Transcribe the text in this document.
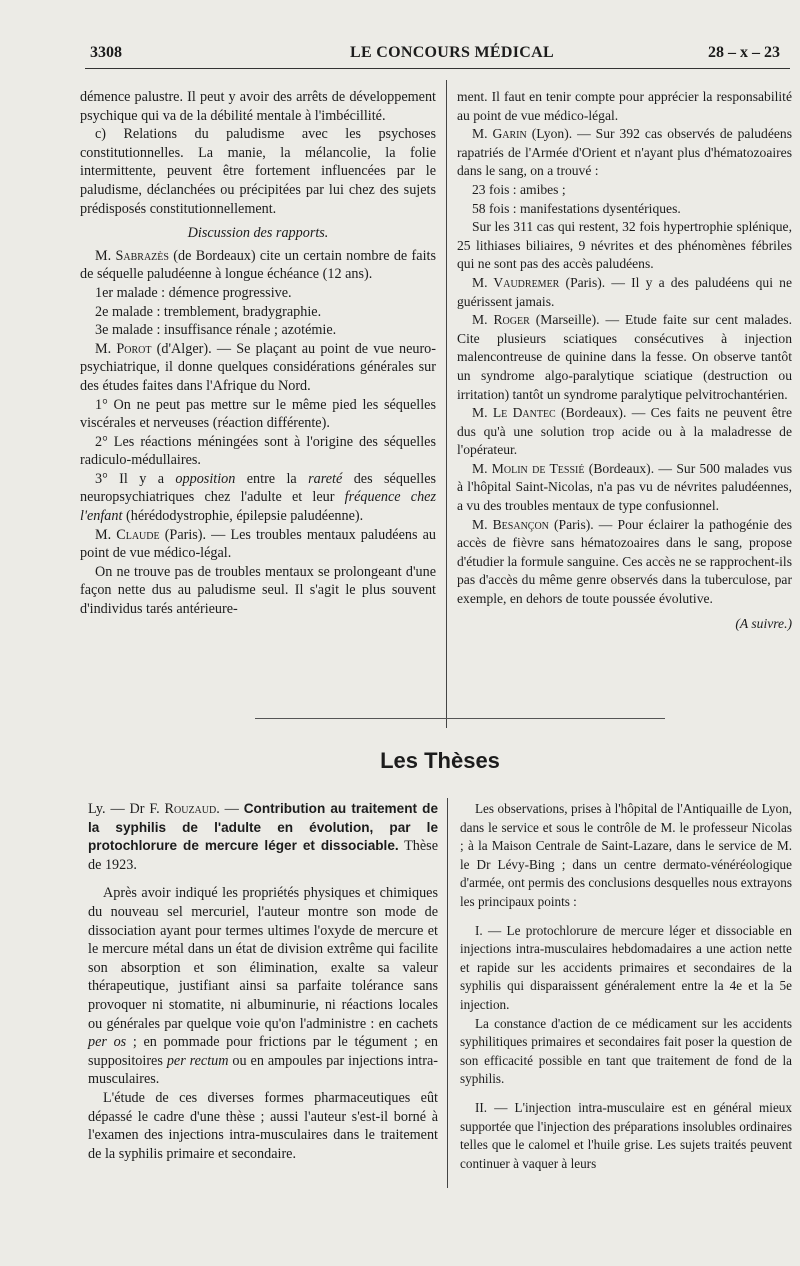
3308	LE CONCOURS MÉDICAL	28 – x – 23

démence palustre. Il peut y avoir des arrêts de développement psychique qui va de la débilité mentale à l'imbécillité.

c) Relations du paludisme avec les psychoses constitutionnelles. La manie, la mélancolie, la folie intermittente, peuvent être fortement influencées par le paludisme, déclanchées ou précipitées par lui chez des sujets prédisposés constitutionnellement.

Discussion des rapports.

M. Sabrazès (de Bordeaux) cite un certain nombre de faits de séquelle paludéenne à longue échéance (12 ans).

1er malade : démence progressive.

2e malade : tremblement, bradygraphie.

3e malade : insuffisance rénale ; azotémie.

M. Porot (d'Alger). — Se plaçant au point de vue neuro-psychiatrique, il donne quelques considérations générales sur des études faites dans l'Afrique du Nord.

1° On ne peut pas mettre sur le même pied les séquelles viscérales et nerveuses (réaction différente).

2° Les réactions méningées sont à l'origine des séquelles radiculo-médullaires.

3° Il y a opposition entre la rareté des séquelles neuropsychiatriques chez l'adulte et leur fréquence chez l'enfant (hérédodystrophie, épilepsie paludéenne).

M. Claude (Paris). — Les troubles mentaux paludéens au point de vue médico-légal.

On ne trouve pas de troubles mentaux se prolongeant d'une façon nette dus au paludisme seul. Il s'agit le plus souvent d'individus tarés antérieure-

ment. Il faut en tenir compte pour apprécier la responsabilité au point de vue médico-légal.

M. Garin (Lyon). — Sur 392 cas observés de paludéens rapatriés de l'Armée d'Orient et n'ayant plus d'hématozoaires dans le sang, on a trouvé :

23 fois : amibes ;

58 fois : manifestations dysentériques.

Sur les 311 cas qui restent, 32 fois hypertrophie splénique, 25 lithiases biliaires, 9 névrites et des phénomènes fébriles qui ne sont pas des accès paludéens.

M. Vaudremer (Paris). — Il y a des paludéens qui ne guérissent jamais.

M. Roger (Marseille). — Etude faite sur cent malades. Cite plusieurs sciatiques consécutives à injection malencontreuse de quinine dans la fesse. On observe tantôt un syndrome algo-paralytique sciatique (destruction ou irritation) tantôt un syndrome paralytique pelvitrochantérien.

M. Le Dantec (Bordeaux). — Ces faits ne peuvent être dus qu'à une solution trop acide ou à la maladresse de l'opérateur.

M. Molin de Tessié (Bordeaux). — Sur 500 malades vus à l'hôpital Saint-Nicolas, n'a pas vu de névrites paludéennes, a vu des troubles mentaux de type confusionnel.

M. Besançon (Paris). — Pour éclairer la pathogénie des accès de fièvre sans hématozoaires dans le sang, propose d'étudier la formule sanguine. Ces accès ne se rapprochent-ils pas d'accès du même genre observés dans la tuberculose, par exemple, en dehors de toute poussée évolutive.

(A suivre.)

Les Thèses

Ly. — Dr F. Rouzaud. — Contribution au traitement de la syphilis de l'adulte en évolution, par le protochlorure de mercure léger et dissociable. Thèse de 1923.

Après avoir indiqué les propriétés physiques et chimiques du nouveau sel mercuriel, l'auteur montre son mode de dissociation ayant pour termes ultimes l'oxyde de mercure et le mercure métal dans un état de division extrême qui facilite son absorption et son élimination, exalte sa valeur thérapeutique, justifiant ainsi sa parfaite tolérance sans provoquer ni stomatite, ni albuminurie, ni réactions locales ou générales par quelque voie qu'on l'administre : en cachets per os ; en pommade pour frictions par le tégument ; en suppositoires per rectum ou en ampoules par injections intra-musculaires.

L'étude de ces diverses formes pharmaceutiques eût dépassé le cadre d'une thèse ; aussi l'auteur s'est-il borné à l'examen des injections intra-musculaires dans le traitement de la syphilis primaire et secondaire.

Les observations, prises à l'hôpital de l'Antiquaille de Lyon, dans le service et sous le contrôle de M. le professeur Nicolas ; à la Maison Centrale de Saint-Lazare, dans le service de M. le Dr Lévy-Bing ; dans un centre dermato-vénéréologique d'armée, ont permis des conclusions desquelles nous extrayons les principaux points :

I. — Le protochlorure de mercure léger et dissociable en injections intra-musculaires hebdomadaires a une action nette et rapide sur les accidents primaires et secondaires de la syphilis qui disparaissent généralement entre la 4e et la 5e injection.

La constance d'action de ce médicament sur les accidents syphilitiques primaires et secondaires fait poser la question de son efficacité possible en tant que traitement de fond de la syphilis.

II. — L'injection intra-musculaire est en général mieux supportée que l'injection des préparations insolubles ordinaires telles que le calomel et l'huile grise. Les sujets traités peuvent continuer à vaquer à leurs
